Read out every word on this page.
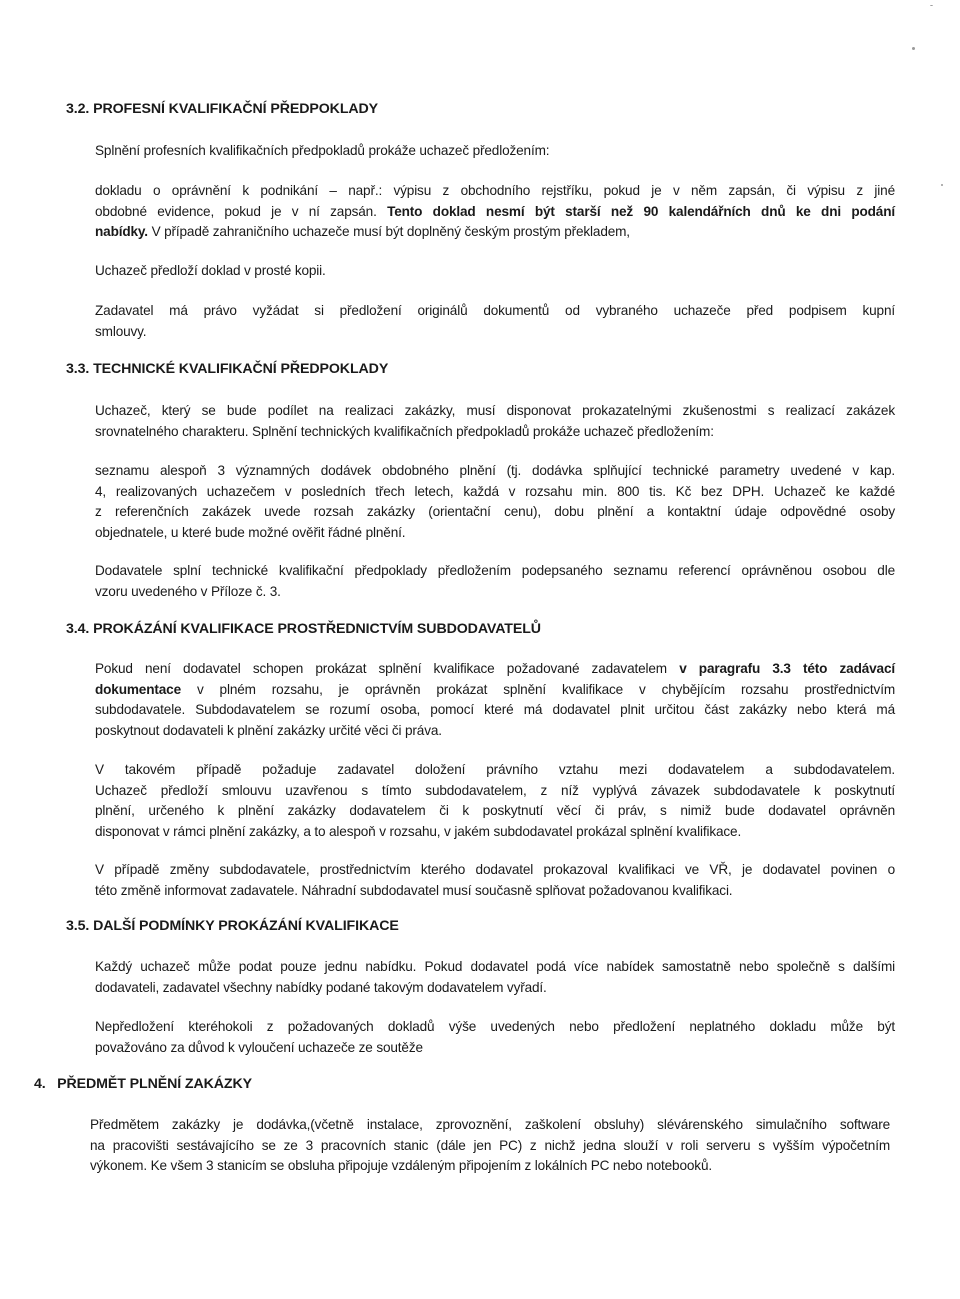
3.2. PROFESNÍ KVALIFIKAČNÍ PŘEDPOKLADY
Splnění profesních kvalifikačních předpokladů prokáže uchazeč předložením:
dokladu o oprávnění k podnikání – např.: výpisu z obchodního rejstříku, pokud je v něm zapsán, či výpisu z jiné
obdobné evidence, pokud je v ní zapsán. Tento doklad nesmí být starší než 90 kalendářních dnů ke dni podání
nabídky. V případě zahraničního uchazeče musí být doplněný českým prostým překladem,
Uchazeč předloží doklad v prosté kopii.
Zadavatel má právo vyžádat si předložení originálů dokumentů od vybraného uchazeče před podpisem kupní
smlouvy.
3.3. TECHNICKÉ KVALIFIKAČNÍ PŘEDPOKLADY
Uchazeč, který se bude podílet na realizaci zakázky, musí disponovat prokazatelnými zkušenostmi s realizací zakázek
srovnatelného charakteru. Splnění technických kvalifikačních předpokladů prokáže uchazeč předložením:
seznamu alespoň 3 významných dodávek obdobného plnění (tj. dodávka splňující technické parametry uvedené v kap.
4, realizovaných uchazečem v posledních třech letech, každá v rozsahu min. 800 tis. Kč bez DPH. Uchazeč ke každé
z referenčních zakázek uvede rozsah zakázky (orientační cenu), dobu plnění a kontaktní údaje odpovědné osoby
objednatele, u které bude možné ověřit řádné plnění.
Dodavatele splní technické kvalifikační předpoklady předložením podepsaného seznamu referencí oprávněnou osobou dle
vzoru uvedeného v Příloze č. 3.
3.4. PROKÁZÁNÍ KVALIFIKACE PROSTŘEDNICTVÍM SUBDODAVATELŮ
Pokud není dodavatel schopen prokázat splnění kvalifikace požadované zadavatelem v paragrafu 3.3 této zadávací
dokumentace v plném rozsahu, je oprávněn prokázat splnění kvalifikace v chybějícím rozsahu prostřednictvím
subdodavatele. Subdodavatelem se rozumí osoba, pomocí které má dodavatel plnit určitou část zakázky nebo která má
poskytnout dodavateli k plnění zakázky určité věci či práva.
V takovém případě požaduje zadavatel doložení právního vztahu mezi dodavatelem a subdodavatelem.
Uchazeč předloží smlouvu uzavřenou s tímto subdodavatelem, z níž vyplývá závazek subdodavatele k poskytnutí
plnění, určeného k plnění zakázky dodavatelem či k poskytnutí věcí či práv, s nimiž bude dodavatel oprávněn
disponovat v rámci plnění zakázky, a to alespoň v rozsahu, v jakém subdodavatel prokázal splnění kvalifikace.
V případě změny subdodavatele, prostřednictvím kterého dodavatel prokazoval kvalifikaci ve VŘ, je dodavatel povinen o
této změně informovat zadavatele. Náhradní subdodavatel musí současně splňovat požadovanou kvalifikaci.
3.5. DALŠÍ PODMÍNKY PROKÁZÁNÍ KVALIFIKACE
Každý uchazeč může podat pouze jednu nabídku. Pokud dodavatel podá více nabídek samostatně nebo společně s dalšími
dodavateli, zadavatel všechny nabídky podané takovým dodavatelem vyřadí.
Nepředložení kteréhokoli z požadovaných dokladů výše uvedených nebo předložení neplatného dokladu může být
považováno za důvod k vyloučení uchazeče ze soutěže
4.   PŘEDMĚT PLNĚNÍ ZAKÁZKY
Předmětem zakázky je dodávka,(včetně instalace, zprovoznění, zaškolení obsluhy) slévárenského simulačního software
na pracovišti sestávajícího se ze 3 pracovních stanic (dále jen PC) z nichž jedna slouží v roli serveru s vyšším výpočetním
výkonem. Ke všem 3 stanicím se obsluha připojuje vzdáleným připojením z lokálních PC nebo notebooků.
